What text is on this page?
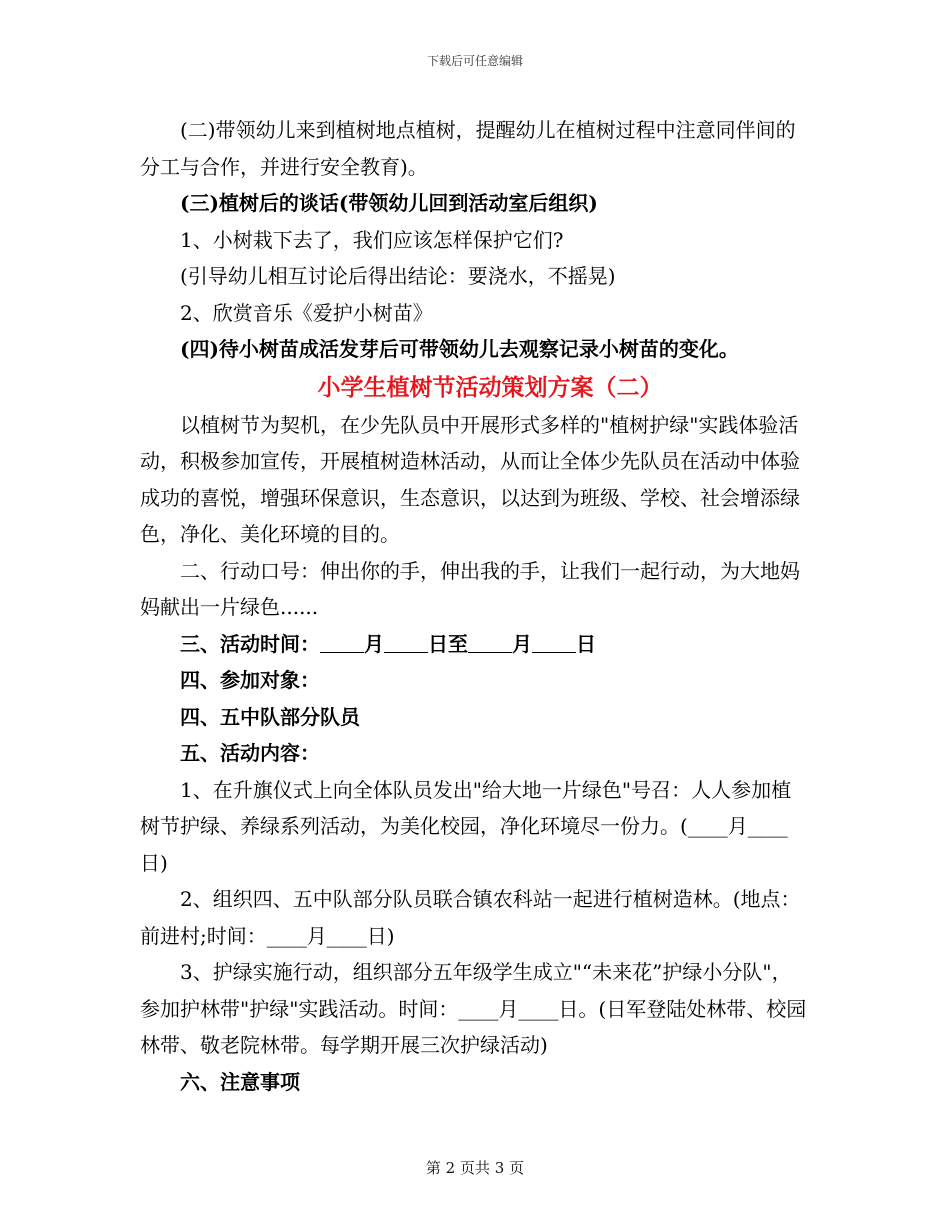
下载后可任意编辑

(二)带领幼儿来到植树地点植树，提醒幼儿在植树过程中注意同伴间的分工与合作，并进行安全教育)。

(三)植树后的谈话(带领幼儿回到活动室后组织)

1、小树栽下去了，我们应该怎样保护它们?

(引导幼儿相互讨论后得出结论：要浇水，不摇晃)

2、欣赏音乐《爱护小树苗》

(四)待小树苗成活发芽后可带领幼儿去观察记录小树苗的变化。

小学生植树节活动策划方案（二）

以植树节为契机，在少先队员中开展形式多样的"植树护绿"实践体验活动，积极参加宣传，开展植树造林活动，从而让全体少先队员在活动中体验成功的喜悦，增强环保意识，生态意识，以达到为班级、学校、社会增添绿色，净化、美化环境的目的。

二、行动口号：伸出你的手，伸出我的手，让我们一起行动，为大地妈妈献出一片绿色......

三、活动时间： 月 日至 月 日

四、参加对象：

四、五中队部分队员

五、活动内容：

1、在升旗仪式上向全体队员发出"给大地一片绿色"号召：人人参加植树节护绿、养绿系列活动，为美化校园，净化环境尽一份力。(____月____日)

2、组织四、五中队部分队员联合镇农科站一起进行植树造林。(地点：前进村;时间：____月____日)

3、护绿实施行动，组织部分五年级学生成立"“未来花”护绿小分队"，参加护林带"护绿"实践活动。时间：____月____日。(日军登陆处林带、校园林带、敬老院林带。每学期开展三次护绿活动)

六、注意事项

第 2 页共 3 页
